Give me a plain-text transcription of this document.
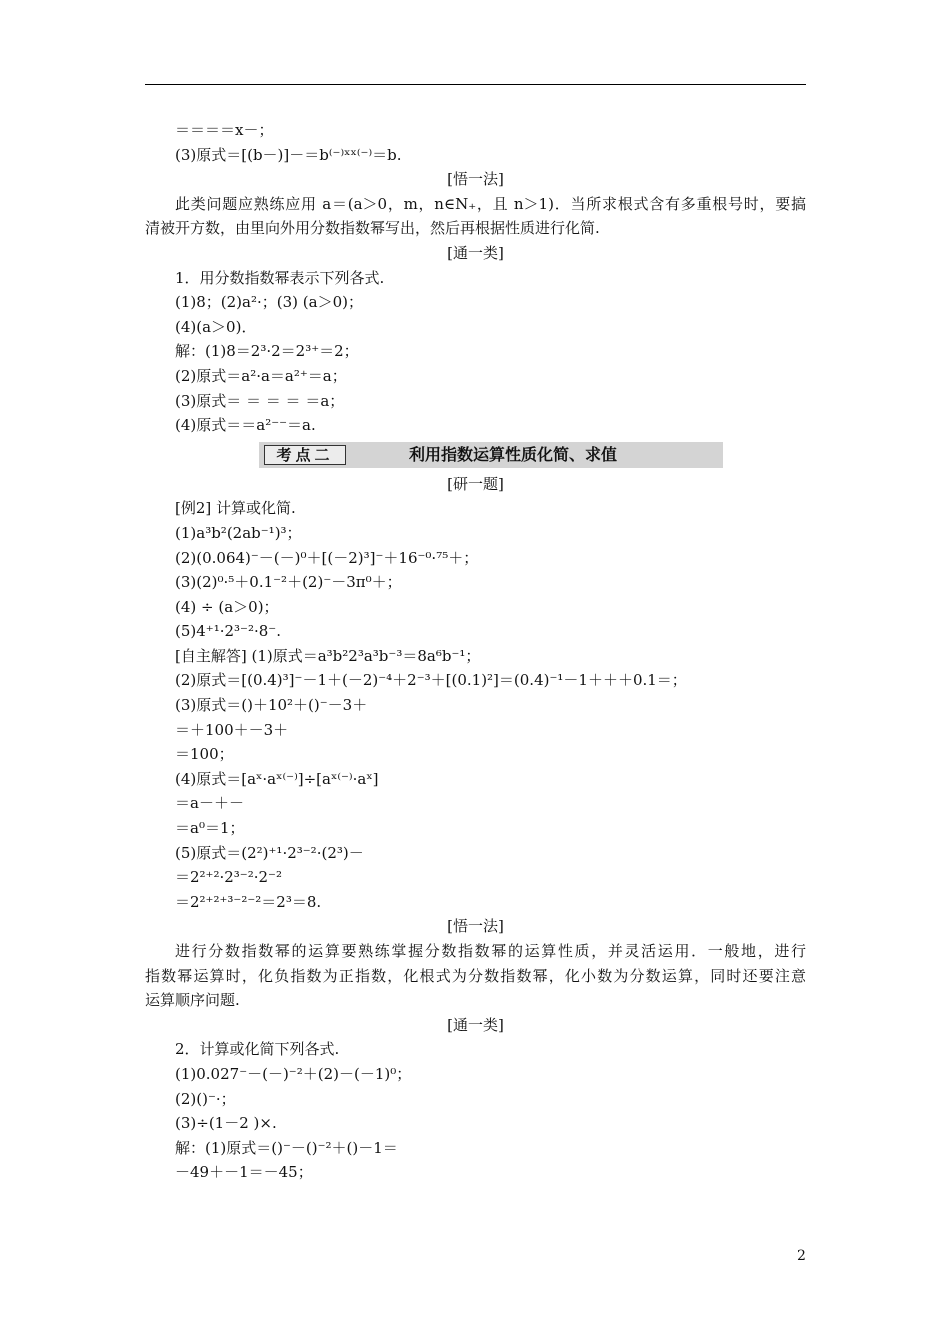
＝＝＝＝x－；
(3)原式＝[(b－)]－＝b⁽⁻⁾ˣˣ⁽⁻⁾＝b.
[悟一法]
此类问题应熟练应用 a＝(a＞0，m，n∈N₊，且 n＞1)．当所求根式含有多重根号时，要搞
清被开方数，由里向外用分数指数幂写出，然后再根据性质进行化简.
[通一类]
1．用分数指数幂表示下列各式.
(1)8；(2)a²·；(3) (a＞0)；
(4)(a＞0)．
解：(1)8＝2³·2＝2³⁺＝2；
(2)原式＝a²·a＝a²⁺＝a；
(3)原式＝ ＝ ＝ ＝ ＝a；
(4)原式＝＝a²⁻⁻＝a.
考点二	利用指数运算性质化简、求值
[研一题]
[例2] 计算或化简.
(1)a³b²(2ab⁻¹)³；
(2)(0.064)⁻－(－)⁰＋[(－2)³]⁻＋16⁻⁰·⁷⁵＋；
(3)(2)⁰·⁵＋0.1⁻²＋(2)⁻－3π⁰＋；
(4) ÷ (a＞0)；
(5)4⁺¹·2³⁻²·8⁻.
[自主解答] (1)原式＝a³b²2³a³b⁻³＝8a⁶b⁻¹；
(2)原式＝[(0.4)³]⁻－1＋(－2)⁻⁴＋2⁻³＋[(0.1)²]＝(0.4)⁻¹－1＋＋＋0.1＝；
(3)原式＝()＋10²＋()⁻－3＋
＝＋100＋－3＋
＝100；
(4)原式＝[aˣ·aˣ⁽⁻⁾]÷[aˣ⁽⁻⁾·aˣ]
＝a－＋－
＝a⁰＝1；
(5)原式＝(2²)⁺¹·2³⁻²·(2³)－
＝2²⁺²·2³⁻²·2⁻²
＝2²⁺²⁺³⁻²⁻²＝2³＝8.
[悟一法]
进行分数指数幂的运算要熟练掌握分数指数幂的运算性质，并灵活运用．一般地，进行
指数幂运算时，化负指数为正指数，化根式为分数指数幂，化小数为分数运算，同时还要注意
运算顺序问题.
[通一类]
2．计算或化简下列各式.
(1)0.027⁻－(－)⁻²＋(2)－(－1)⁰；
(2)()⁻·；
(3)÷(1－2 )×.
解：(1)原式＝()⁻－()⁻²＋()－1＝
－49＋－1＝－45；
2
